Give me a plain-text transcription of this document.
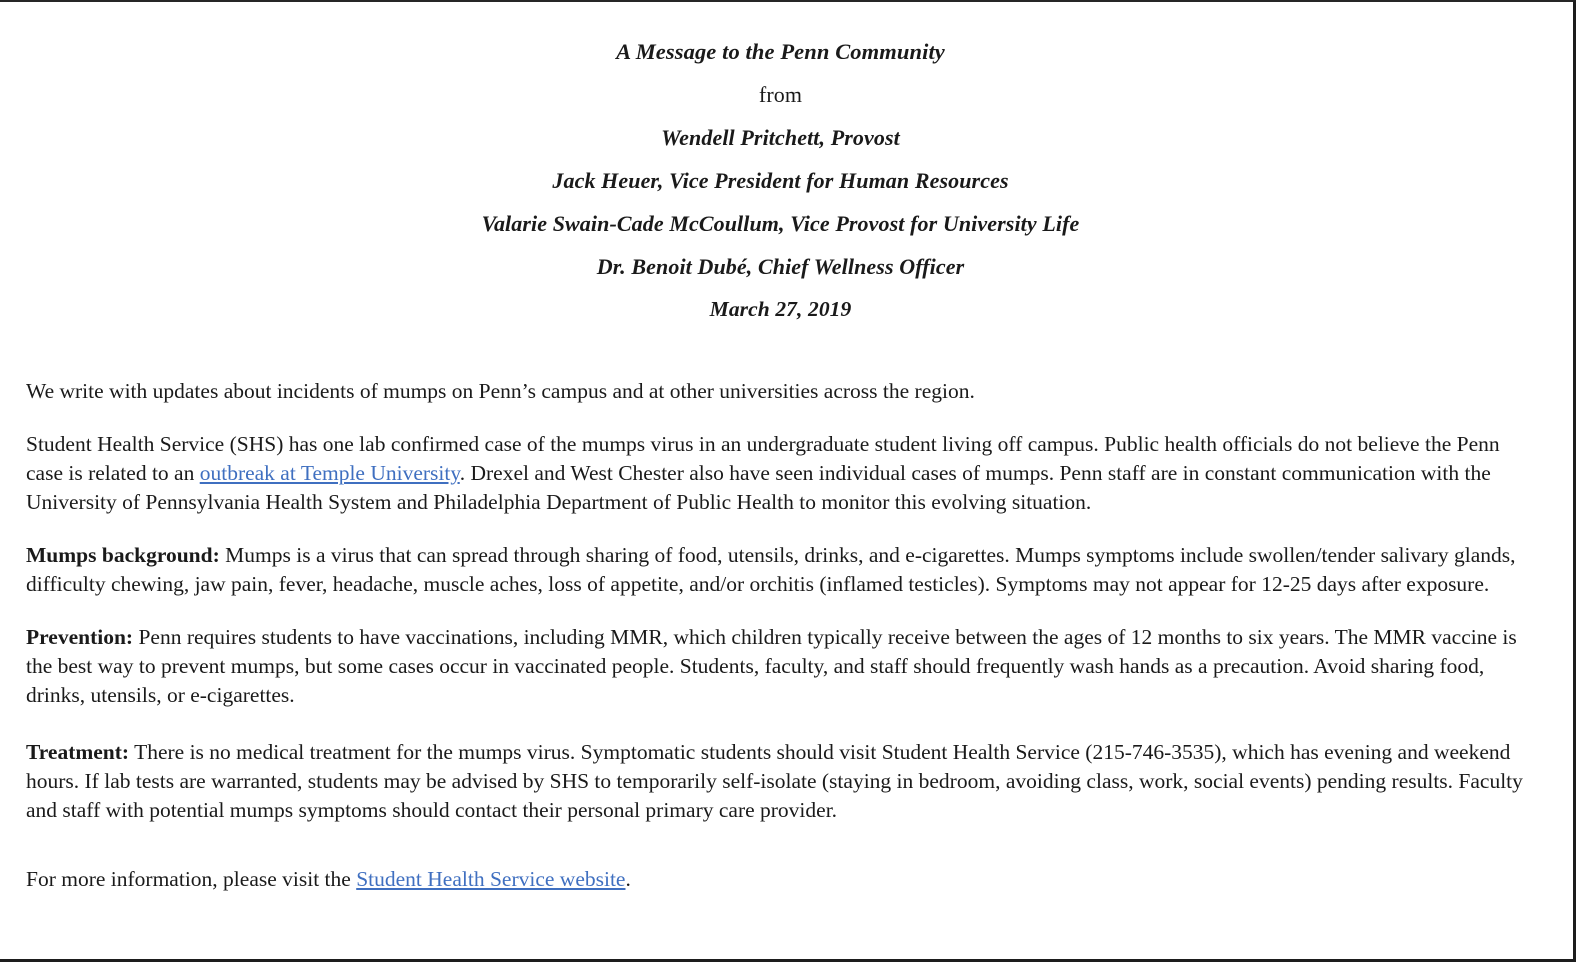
A Message to the Penn Community
from
Wendell Pritchett, Provost
Jack Heuer, Vice President for Human Resources
Valarie Swain-Cade McCoullum, Vice Provost for University Life
Dr. Benoit Dubé, Chief Wellness Officer
March 27, 2019

We write with updates about incidents of mumps on Penn’s campus and at other universities across the region.

Student Health Service (SHS) has one lab confirmed case of the mumps virus in an undergraduate student living off campus. Public health officials do not believe the Penn case is related to an outbreak at Temple University. Drexel and West Chester also have seen individual cases of mumps. Penn staff are in constant communication with the University of Pennsylvania Health System and Philadelphia Department of Public Health to monitor this evolving situation.

Mumps background: Mumps is a virus that can spread through sharing of food, utensils, drinks, and e-cigarettes. Mumps symptoms include swollen/tender salivary glands, difficulty chewing, jaw pain, fever, headache, muscle aches, loss of appetite, and/or orchitis (inflamed testicles). Symptoms may not appear for 12-25 days after exposure.

Prevention: Penn requires students to have vaccinations, including MMR, which children typically receive between the ages of 12 months to six years. The MMR vaccine is the best way to prevent mumps, but some cases occur in vaccinated people. Students, faculty, and staff should frequently wash hands as a precaution. Avoid sharing food, drinks, utensils, or e-cigarettes.

Treatment: There is no medical treatment for the mumps virus. Symptomatic students should visit Student Health Service (215-746-3535), which has evening and weekend hours. If lab tests are warranted, students may be advised by SHS to temporarily self-isolate (staying in bedroom, avoiding class, work, social events) pending results. Faculty and staff with potential mumps symptoms should contact their personal primary care provider.

For more information, please visit the Student Health Service website.
